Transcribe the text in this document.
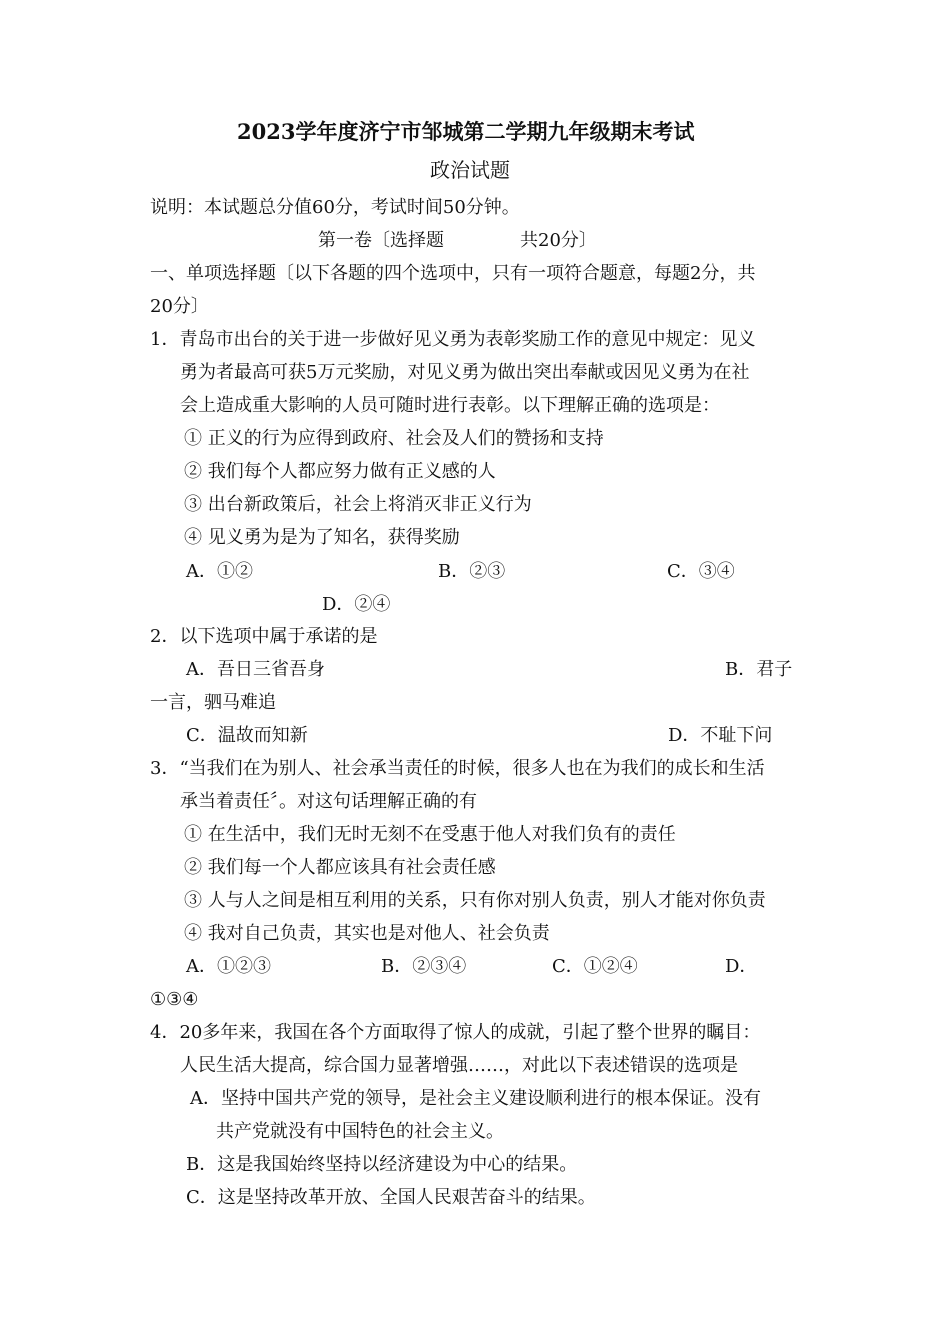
2023学年度济宁市邹城第二学期九年级期末考试
政治试题
说明：本试题总分值60分，考试时间50分钟。
第一卷〔选择题	共20分〕
一、单项选择题〔以下各题的四个选项中，只有一项符合题意，每题2分，共
20分〕
1．青岛市出台的关于进一步做好见义勇为表彰奖励工作的意见中规定：见义
勇为者最高可获5万元奖励，对见义勇为做出突出奉献或因见义勇为在社
会上造成重大影响的人员可随时进行表彰。以下理解正确的选项是：
① 正义的行为应得到政府、社会及人们的赞扬和支持
② 我们每个人都应努力做有正义感的人
③ 出台新政策后，社会上将消灭非正义行为
④ 见义勇为是为了知名，获得奖励
A．①②	B．②③	C．③④
D．②④
2．以下选项中属于承诺的是
A．吾日三省吾身	B．君子
一言，驷马难追
C．温故而知新	D．不耻下问
3．“当我们在为别人、社会承当责任的时候，很多人也在为我们的成长和生活
承当着责任〞。对这句话理解正确的有
① 在生活中，我们无时无刻不在受惠于他人对我们负有的责任
② 我们每一个人都应该具有社会责任感
③ 人与人之间是相互利用的关系，只有你对别人负责，别人才能对你负责
④ 我对自己负责，其实也是对他人、社会负责
A．①②③	B．②③④	C．①②④	D．
①③④
4．20多年来，我国在各个方面取得了惊人的成就，引起了整个世界的瞩目：
人民生活大提高，综合国力显著增强……，对此以下表述错误的选项是
A．坚持中国共产党的领导，是社会主义建设顺利进行的根本保证。没有
共产党就没有中国特色的社会主义。
B．这是我国始终坚持以经济建设为中心的结果。
C．这是坚持改革开放、全国人民艰苦奋斗的结果。
